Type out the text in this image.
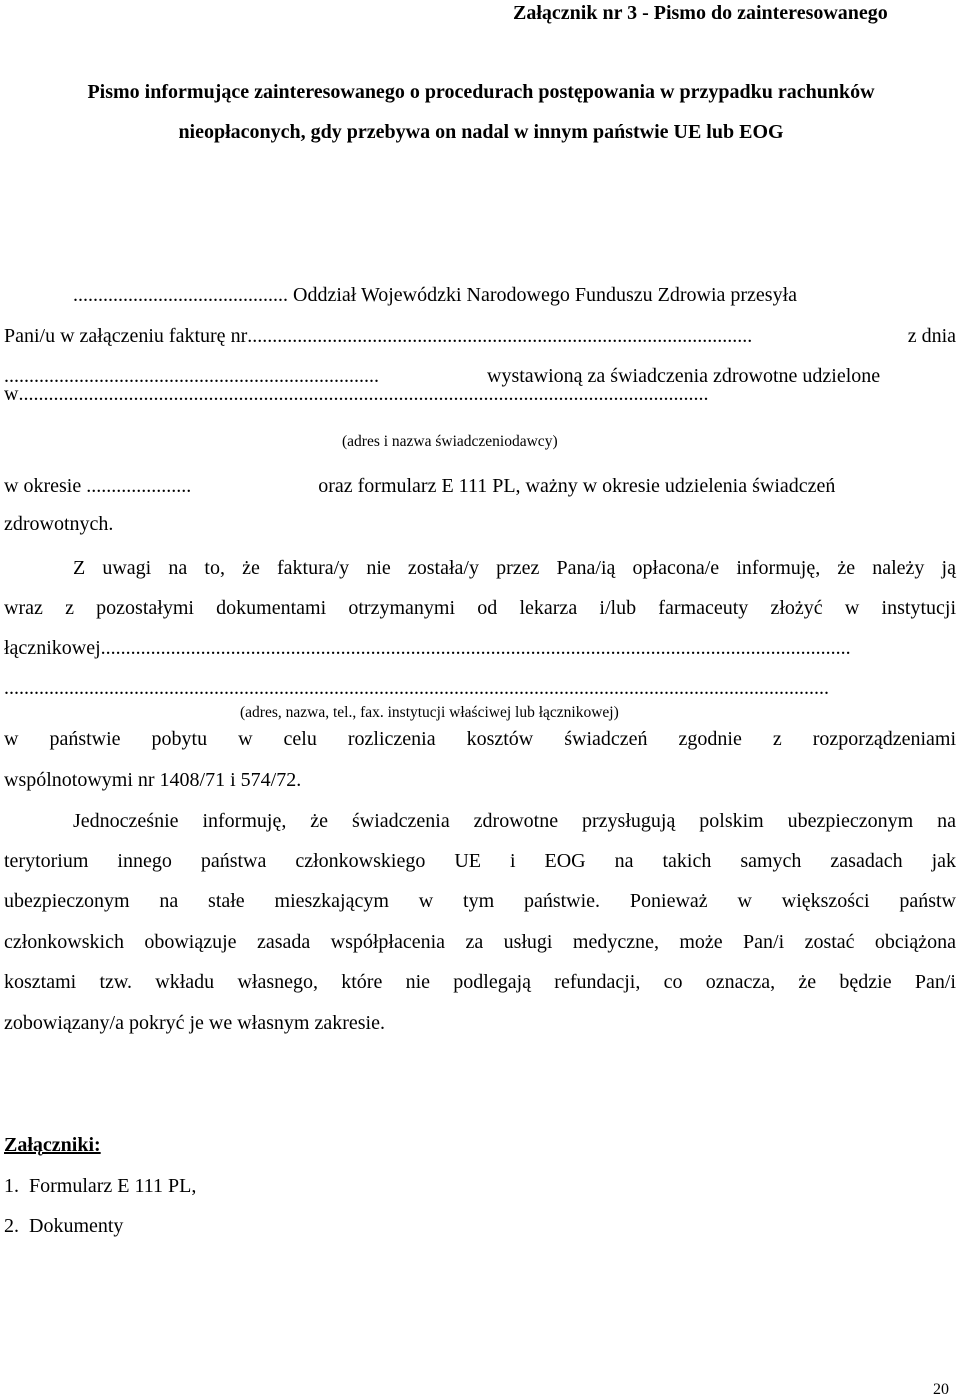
Załącznik nr 3 - Pismo do zainteresowanego
Pismo informujące zainteresowanego o procedurach postępowania w przypadku rachunków
nieopłaconych, gdy przebywa on nadal w innym państwie UE lub EOG
........................................... Oddział Wojewódzki Narodowego Funduszu Zdrowia przesyła
Pani/u w załączeniu fakturę nr .....................................................................................................	z dnia
...........................................................................	wystawioną za świadczenia zdrowotne udzielone
w ..........................................................................................................................................
(adres i nazwa świadczeniodawcy)
w okresie .....................	oraz formularz E 111 PL, ważny w okresie udzielenia świadczeń
zdrowotnych.
Z uwagi na to, że faktura/y nie została/y przez Pana/ią opłacona/e informuję, że należy ją
wraz z pozostałymi dokumentami otrzymanymi od lekarza i/lub farmaceuty złożyć w instytucji
łącznikowej ......................................................................................................................................................
.....................................................................................................................................................................
(adres, nazwa, tel., fax. instytucji właściwej lub łącznikowej)
w państwie pobytu w celu rozliczenia kosztów świadczeń zgodnie z rozporządzeniami
wspólnotowymi nr 1408/71 i 574/72.
Jednocześnie informuję, że świadczenia zdrowotne przysługują polskim ubezpieczonym na
terytorium innego państwa członkowskiego UE i EOG na takich samych zasadach jak
ubezpieczonym na stałe mieszkającym w tym państwie. Ponieważ w większości państw
członkowskich obowiązuje zasada współpłacenia za usługi medyczne, może Pan/i zostać obciążona
kosztami tzw. wkładu własnego, które nie podlegają refundacji, co oznacza, że będzie Pan/i
zobowiązany/a pokryć je we własnym zakresie.
Załączniki:
1.  Formularz E 111 PL,
2.  Dokumenty
20
